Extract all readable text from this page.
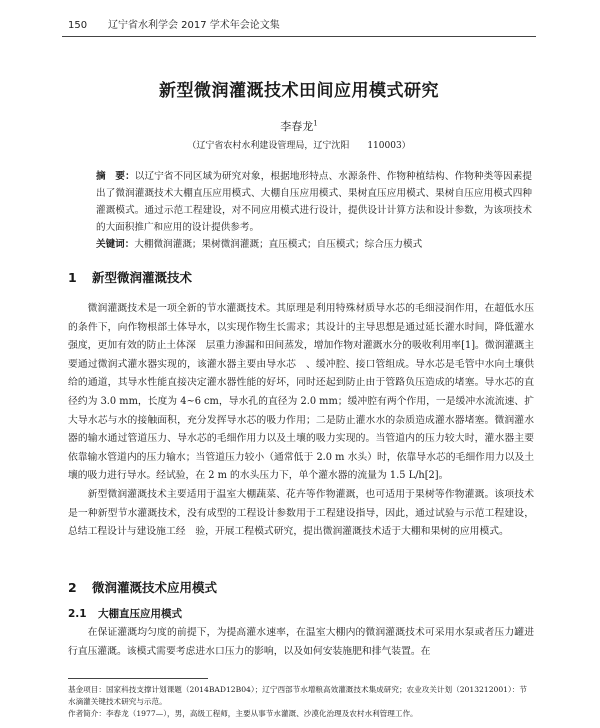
150 辽宁省水利学会 2017 学术年会论文集
新型微润灌溉技术田间应用模式研究
李春龙$^1$
（辽宁省农村水利建设管理局，辽宁沈阳　　110003）
摘　要：以辽宁省不同区域为研究对象，根据地形特点、水源条件、作物种植结构、作物种类等因素提出了微润灌溉技术大棚直压应用模式、大棚自压应用模式、果树直压应用模式、果树自压应用模式四种灌溉模式。通过示范工程建设，对不同应用模式进行设计，提供设计计算方法和设计参数，为该项技术的大面积推广和应用的设计提供参考。
关键词：大棚微润灌溉；果树微润灌溉；直压模式；自压模式；综合压力模式
1 新型微润灌溉技术

微润灌溉技术是一项全新的节水灌溉技术。其原理是利用特殊材质导水芯的毛细浸润作用，在超低水压的条件下，向作物根部土体导水，以实现作物生长需求；其设计的主导思想是通过延长灌水时间，降低灌水强度，更加有效的防止土体深　层重力渗漏和田间蒸发，增加作物对灌溉水分的吸收利用率[1]。微润灌溉主要通过微润式灌水器实现的，该灌水器主要由导水芯　、缓冲腔、接口管组成。导水芯是毛管中水向土壤供给的通道，其导水性能直接决定灌水器性能的好坏，同时还起到防止由于管路负压造成的堵塞。导水芯的直径约为 3.0 mm，长度为 4~6 cm，导水孔的直径为 2.0 mm；缓冲腔有两个作用，一是缓冲水流流速、扩大导水芯与水的接触面积，充分发挥导水芯的吸力作用；二是防止灌水水的杂质造成灌水器堵塞。微润灌水器的输水通过管道压力、导水芯的毛细作用力以及土壤的吸力实现的。当管道内的压力较大时，灌水器主要依靠输水管道内的压力输水；当管道压力较小（通常低于 2.0 m 水头）时，依靠导水芯的毛细作用力以及土壤的吸力进行导水。经试验，在 2 m 的水头压力下，单个灌水器的流量为 1.5 L/h[2]。

新型微润灌溉技术主要适用于温室大棚蔬菜、花卉等作物灌溉，也可适用于果树等作物灌溉。该项技术是一种新型节水灌溉技术，没有成型的工程设计参数用于工程建设指导，因此，通过试验与示范工程建设，总结工程设计与建设施工经　验，开展工程模式研究，提出微润灌溉技术适于大棚和果树的应用模式。

2 微润灌溉技术应用模式
2.1 大棚直压应用模式

在保证灌溉均匀度的前提下，为提高灌水速率，在温室大棚内的微润灌溉技术可采用水泵或者压力罐进行直压灌溉。该模式需要考虑进水口压力的影响，以及如何安装施肥和排气装置。在

基金项目：国家科技支撑计划课题（2014BAD12B04）；辽宁西部节水增粮高效灌溉技术集成研究；农业攻关计划（2013212001）：节水滴灌关键技术研究与示范。
作者简介：李春龙（1977—），男，高级工程师，主要从事节水灌溉、沙漠化治理及农村水利管理工作。
